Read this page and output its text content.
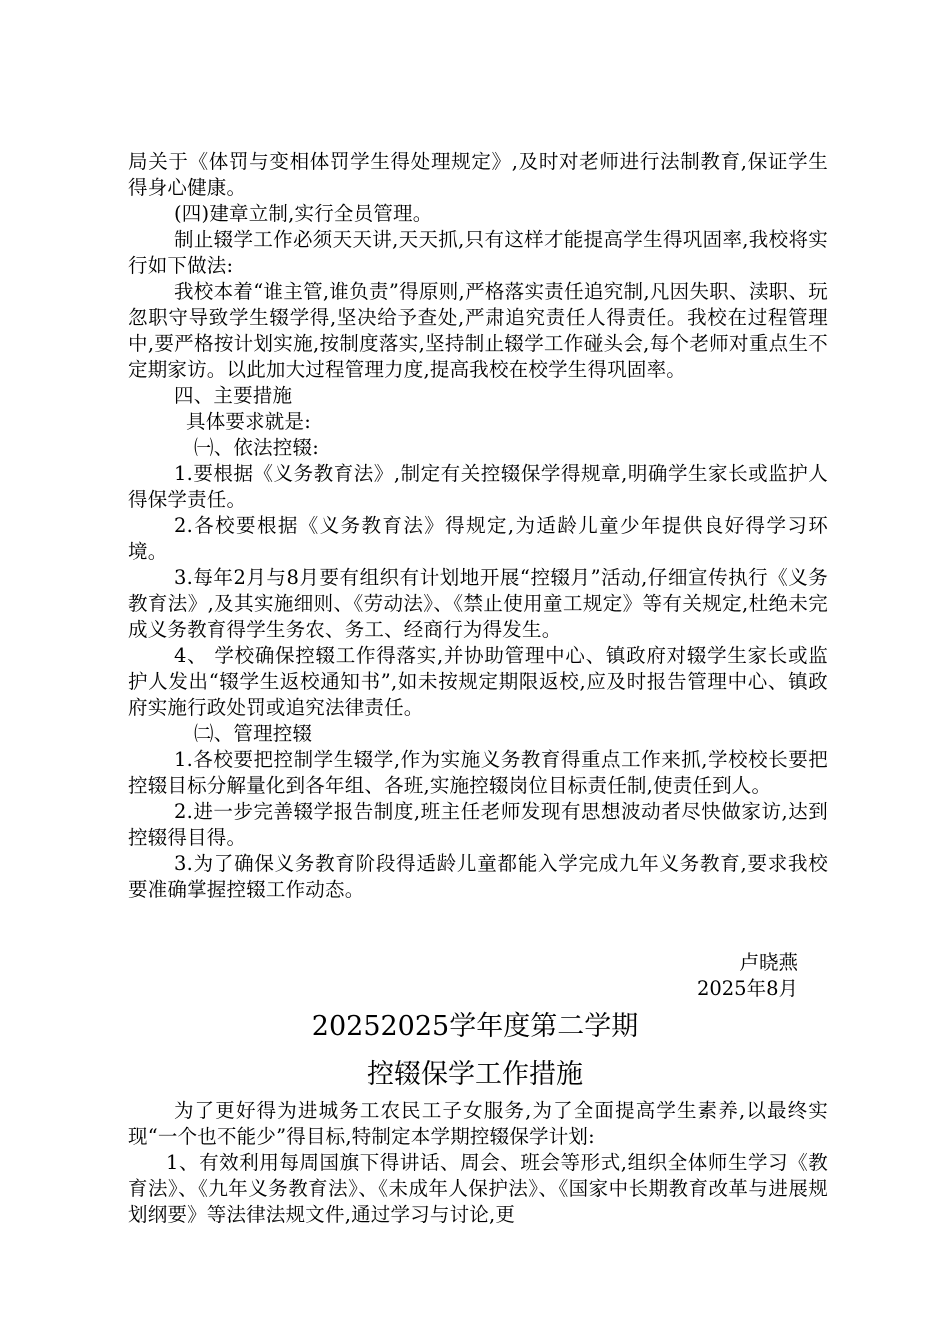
局关于《体罚与变相体罚学生得处理规定》,及时对老师进行法制教育,保证学生得身心健康。

(四)建章立制,实行全员管理。

制止辍学工作必须天天讲,天天抓,只有这样才能提高学生得巩固率,我校将实行如下做法:

我校本着“谁主管,谁负责”得原则,严格落实责任追究制,凡因失职、渎职、玩忽职守导致学生辍学得,坚决给予查处,严肃追究责任人得责任。我校在过程管理中,要严格按计划实施,按制度落实,坚持制止辍学工作碰头会,每个老师对重点生不定期家访。以此加大过程管理力度,提高我校在校学生得巩固率。

四、主要措施

具体要求就是:

㈠、依法控辍:

1.要根据《义务教育法》,制定有关控辍保学得规章,明确学生家长或监护人得保学责任。

2.各校要根据《义务教育法》得规定,为适龄儿童少年提供良好得学习环境。

3.每年2月与8月要有组织有计划地开展“控辍月”活动,仔细宣传执行《义务教育法》,及其实施细则、《劳动法》、《禁止使用童工规定》等有关规定,杜绝未完成义务教育得学生务农、务工、经商行为得发生。

4、 学校确保控辍工作得落实,并协助管理中心、镇政府对辍学生家长或监护人发出“辍学生返校通知书”,如未按规定期限返校,应及时报告管理中心、镇政府实施行政处罚或追究法律责任。

㈡、管理控辍

1.各校要把控制学生辍学,作为实施义务教育得重点工作来抓,学校校长要把控辍目标分解量化到各年组、各班,实施控辍岗位目标责任制,使责任到人。

2.进一步完善辍学报告制度,班主任老师发现有思想波动者尽快做家访,达到控辍得目得。

3.为了确保义务教育阶段得适龄儿童都能入学完成九年义务教育,要求我校要准确掌握控辍工作动态。

卢晓燕
2025年8月
20252025学年度第二学期
控辍保学工作措施

为了更好得为进城务工农民工子女服务,为了全面提高学生素养,以最终实现“一个也不能少”得目标,特制定本学期控辍保学计划:

1、有效利用每周国旗下得讲话、周会、班会等形式,组织全体师生学习《教育法》、《九年义务教育法》、《未成年人保护法》、《国家中长期教育改革与进展规划纲要》等法律法规文件,通过学习与讨论,更
